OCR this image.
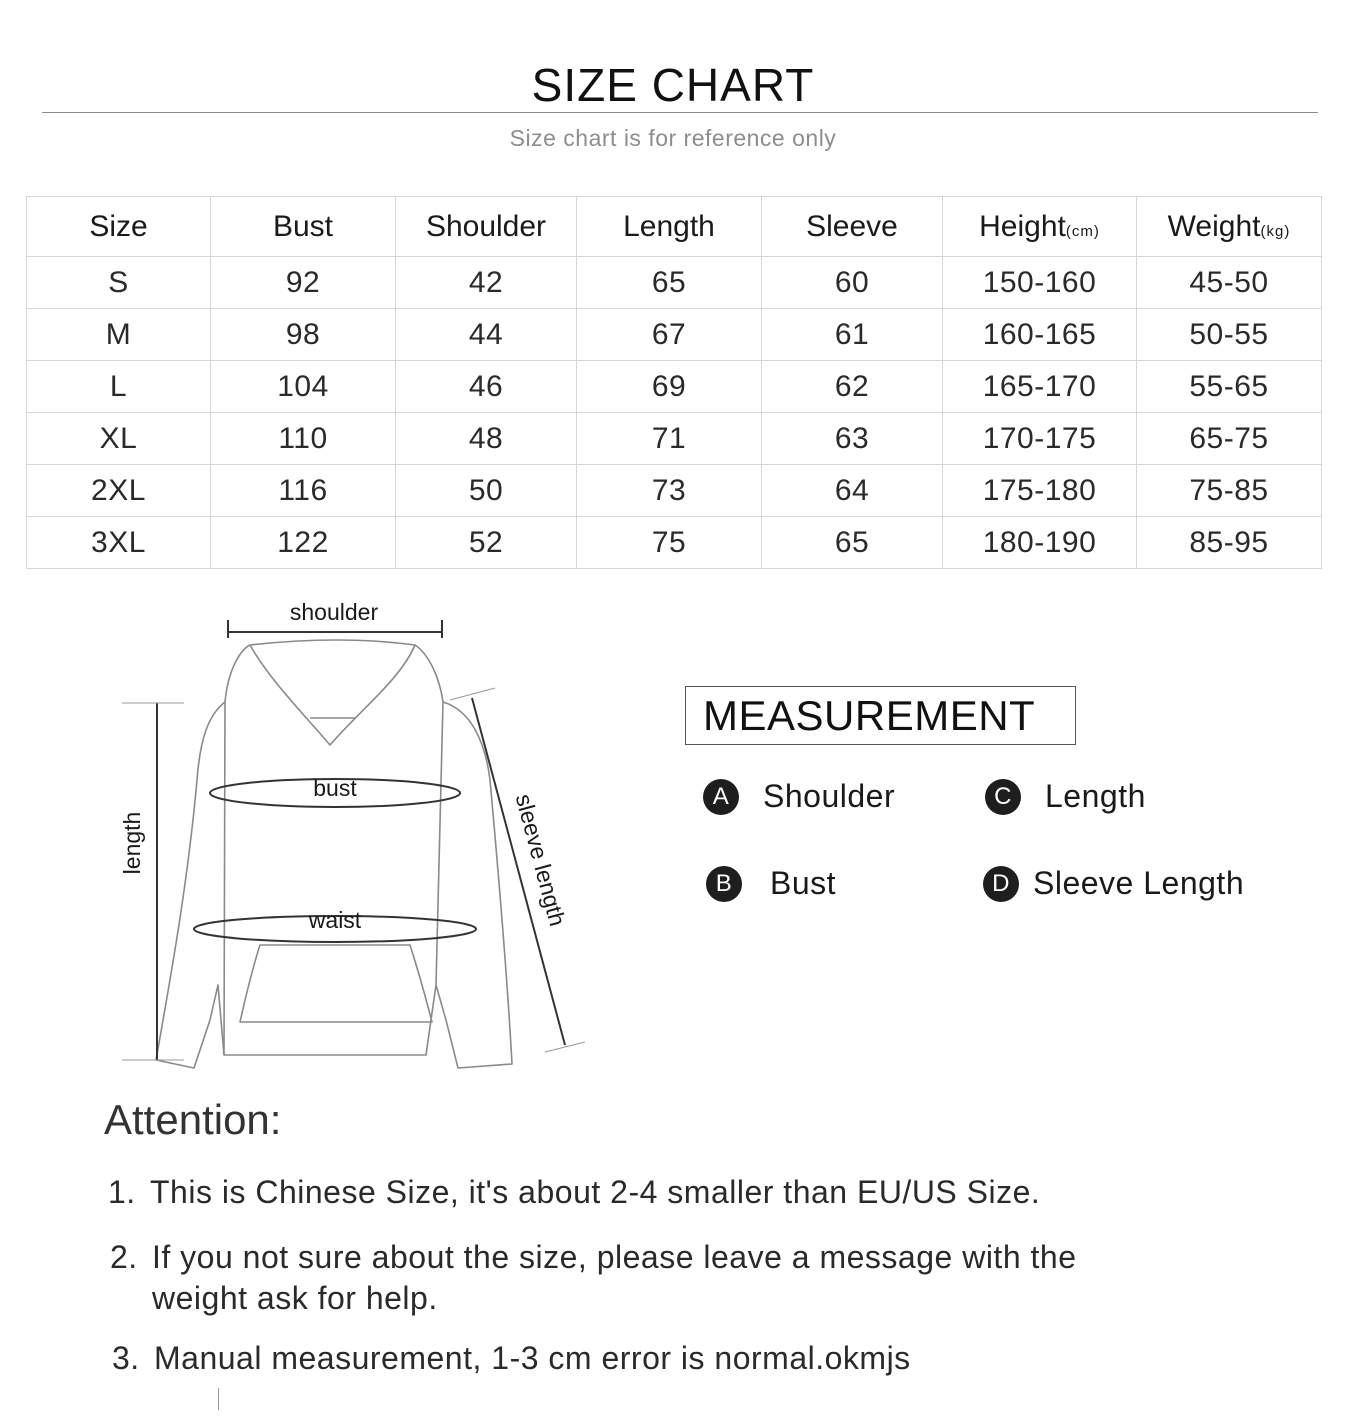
SIZE CHART
Size chart is for reference only
Size	Bust	Shoulder	Length	Sleeve	Height(cm)	Weight(kg)
S	92	42	65	60	150-160	45-50
M	98	44	67	61	160-165	50-55
L	104	46	69	62	165-170	55-65
XL	110	48	71	63	170-175	65-75
2XL	116	50	73	64	175-180	75-85
3XL	122	52	75	65	180-190	85-95
shoulder
bust
waist
length	sleeve length
MEASUREMENT
A	Shoulder
B	Bust
C Length
D Sleeve Length
Attention:
1. This is Chinese Size, it's about 2-4 smaller than EU/US Size.
2. If you not sure about the size, please leave a message with the
weight ask for help.
3. Manual measurement, 1-3 cm error is normal.okmjs
